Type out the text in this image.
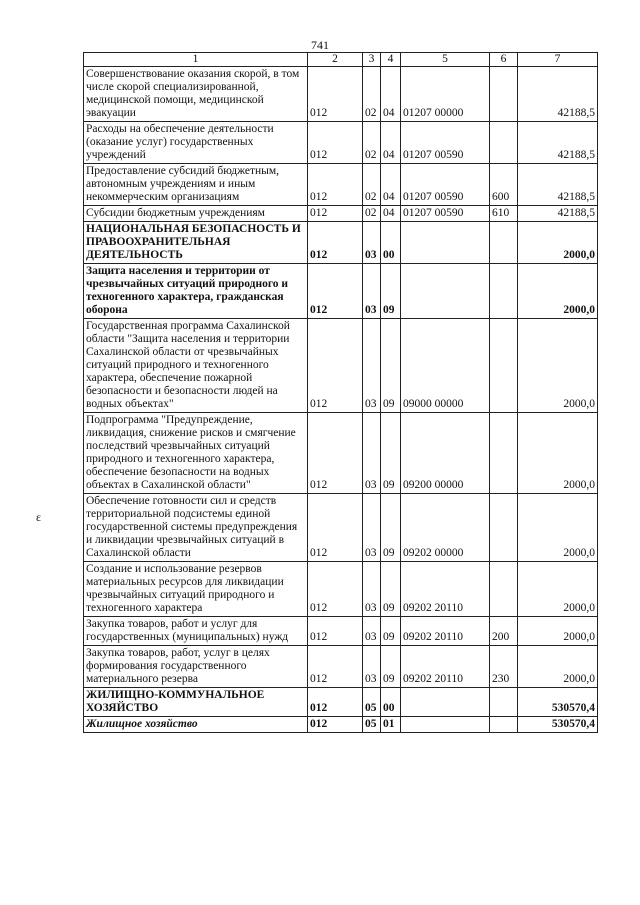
741
ɛ
1	2	3	4	5	6	7
Совершенствование оказания скорой, в том числе скорой специализированной, медицинской помощи, медицинской эвакуации	012	02	04	01207 00000		42188,5
Расходы на обеспечение деятельности (оказание услуг) государственных учреждений	012	02	04	01207 00590		42188,5
Предоставление субсидий бюджетным, автономным учреждениям и иным некоммерческим организациям	012	02	04	01207 00590	600	42188,5
Субсидии бюджетным учреждениям	012	02	04	01207 00590	610	42188,5
НАЦИОНАЛЬНАЯ БЕЗОПАСНОСТЬ И ПРАВООХРАНИТЕЛЬНАЯ ДЕЯТЕЛЬНОСТЬ	012	03	00			2000,0
Защита населения и территории от чрезвычайных ситуаций природного и техногенного характера, гражданская оборона	012	03	09			2000,0
Государственная программа Сахалинской области "Защита населения и территории Сахалинской области от чрезвычайных ситуаций природного и техногенного характера, обеспечение пожарной безопасности и безопасности людей на водных объектах"	012	03	09	09000 00000		2000,0
Подпрограмма "Предупреждение, ликвидация, снижение рисков и смягчение последствий чрезвычайных ситуаций природного и техногенного характера, обеспечение безопасности на водных объектах в Сахалинской области"	012	03	09	09200 00000		2000,0
Обеспечение готовности сил и средств территориальной подсистемы единой государственной системы предупреждения и ликвидации чрезвычайных ситуаций в Сахалинской области	012	03	09	09202 00000		2000,0
Создание и использование резервов материальных ресурсов для ликвидации чрезвычайных ситуаций природного и техногенного характера	012	03	09	09202 20110		2000,0
Закупка товаров, работ и услуг для государственных (муниципальных) нужд	012	03	09	09202 20110	200	2000,0
Закупка товаров, работ, услуг в целях формирования государственного материального резерва	012	03	09	09202 20110	230	2000,0
ЖИЛИЩНО-КОММУНАЛЬНОЕ ХОЗЯЙСТВО	012	05	00			530570,4
Жилищное хозяйство	012	05	01			530570,4
